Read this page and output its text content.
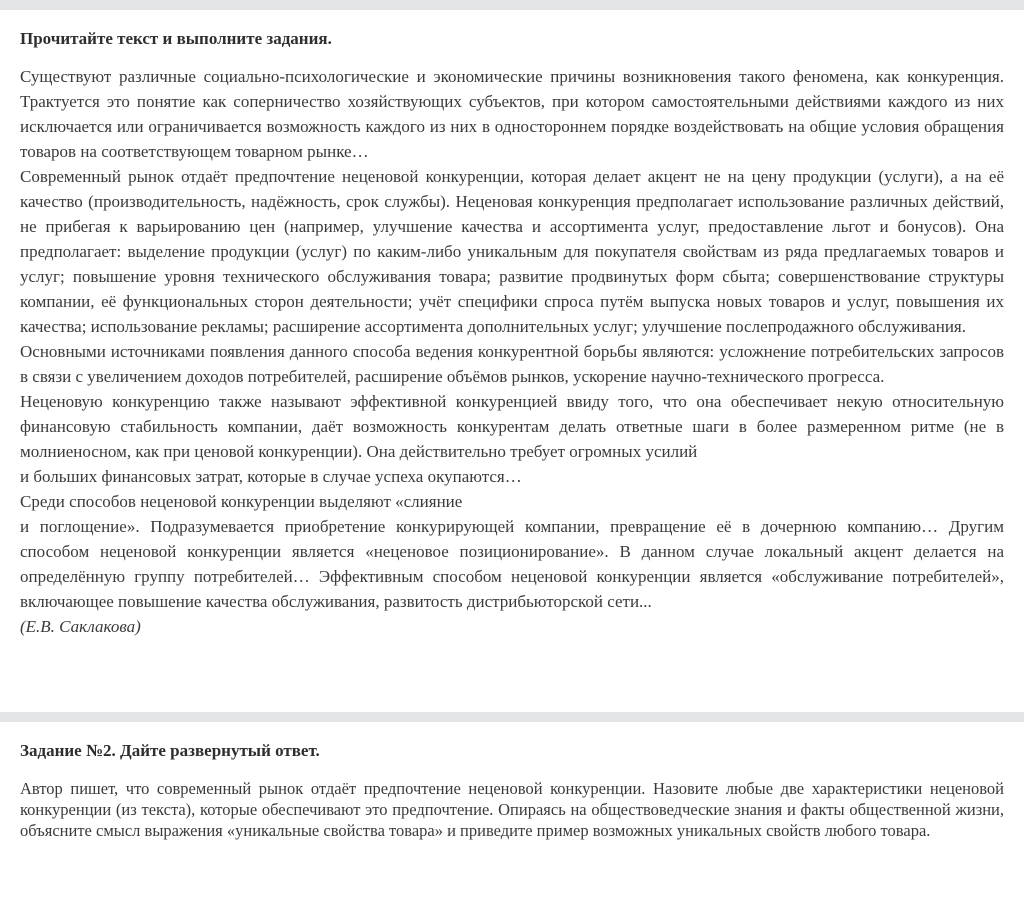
Прочитайте текст и выполните задания.

Существуют различные социально-психологические и экономические причины возникновения такого феномена, как конкуренция. Трактуется это понятие как соперничество хозяйствующих субъектов, при котором самостоятельными действиями каждого из них исключается или ограничивается возможность каждого из них в одностороннем порядке воздействовать на общие условия обращения товаров на соответствующем товарном рынке…

Современный рынок отдаёт предпочтение неценовой конкуренции, которая делает акцент не на цену продукции (услуги), а на её качество (производительность, надёжность, срок службы). Неценовая конкуренция предполагает использование различных действий, не прибегая к варьированию цен (например, улучшение качества и ассортимента услуг, предоставление льгот и бонусов). Она предполагает: выделение продукции (услуг) по каким-либо уникальным для покупателя свойствам из ряда предлагаемых товаров и услуг; повышение уровня технического обслуживания товара; развитие продвинутых форм сбыта; совершенствование структуры компании, её функциональных сторон деятельности; учёт специфики спроса путём выпуска новых товаров и услуг, повышения их качества; использование рекламы; расширение ассортимента дополнительных услуг; улучшение послепродажного обслуживания.

Основными источниками появления данного способа ведения конкурентной борьбы являются: усложнение потребительских запросов в связи с увеличением доходов потребителей, расширение объёмов рынков, ускорение научно-технического прогресса.

Неценовую конкуренцию также называют эффективной конкуренцией ввиду того, что она обеспечивает некую относительную финансовую стабильность компании, даёт возможность конкурентам делать ответные шаги в более размеренном ритме (не в молниеносном, как при ценовой конкуренции). Она действительно требует огромных усилий
и больших финансовых затрат, которые в случае успеха окупаются…

Среди способов неценовой конкуренции выделяют «слияние
и поглощение». Подразумевается приобретение конкурирующей компании, превращение её в дочернюю компанию… Другим способом неценовой конкуренции является «неценовое позиционирование». В данном случае локальный акцент делается на определённую группу потребителей… Эффективным способом неценовой конкуренции является «обслуживание потребителей», включающее повышение качества обслуживания, развитость дистрибьюторской сети...

(Е.В. Саклакова)
Задание №2. Дайте развернутый ответ.

Автор пишет, что современный рынок отдаёт предпочтение неценовой конкуренции. Назовите любые две характеристики неценовой конкуренции (из текста), которые обеспечивают это предпочтение. Опираясь на обществоведческие знания и факты общественной жизни, объясните смысл выражения «уникальные свойства товара» и приведите пример возможных уникальных свойств любого товара.
